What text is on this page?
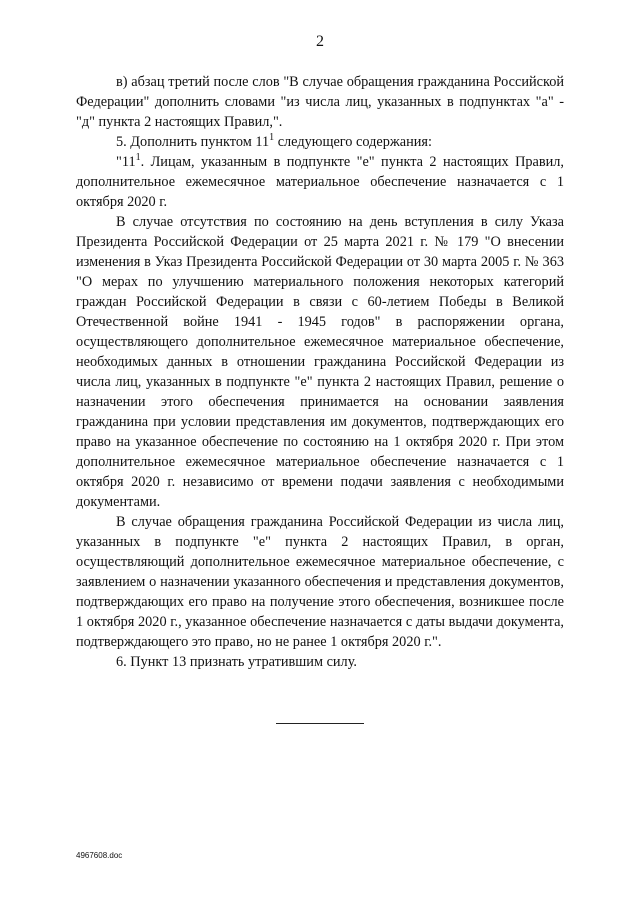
2

в) абзац третий после слов "В случае обращения гражданина Российской Федерации" дополнить словами "из числа лиц, указанных в подпунктах "а" - "д" пункта 2 настоящих Правил,".

5. Дополнить пунктом $11^1$ следующего содержания:

"$11^1$. Лицам, указанным в подпункте "е" пункта 2 настоящих Правил, дополнительное ежемесячное материальное обеспечение назначается с 1 октября 2020 г.

В случае отсутствия по состоянию на день вступления в силу Указа Президента Российской Федерации от 25 марта 2021 г. № 179 "О внесении изменения в Указ Президента Российской Федерации от 30 марта 2005 г. № 363 "О мерах по улучшению материального положения некоторых категорий граждан Российской Федерации в связи с 60-летием Победы в Великой Отечественной войне 1941 - 1945 годов" в распоряжении органа, осуществляющего дополнительное ежемесячное материальное обеспечение, необходимых данных в отношении гражданина Российской Федерации из числа лиц, указанных в подпункте "е" пункта 2 настоящих Правил, решение о назначении этого обеспечения принимается на основании заявления гражданина при условии представления им документов, подтверждающих его право на указанное обеспечение по состоянию на 1 октября 2020 г. При этом дополнительное ежемесячное материальное обеспечение назначается с 1 октября 2020 г. независимо от времени подачи заявления с необходимыми документами.

В случае обращения гражданина Российской Федерации из числа лиц, указанных в подпункте "е" пункта 2 настоящих Правил, в орган, осуществляющий дополнительное ежемесячное материальное обеспечение, с заявлением о назначении указанного обеспечения и представления документов, подтверждающих его право на получение этого обеспечения, возникшее после 1 октября 2020 г., указанное обеспечение назначается с даты выдачи документа, подтверждающего это право, но не ранее 1 октября 2020 г.".

6. Пункт 13 признать утратившим силу.

4967608.doc
